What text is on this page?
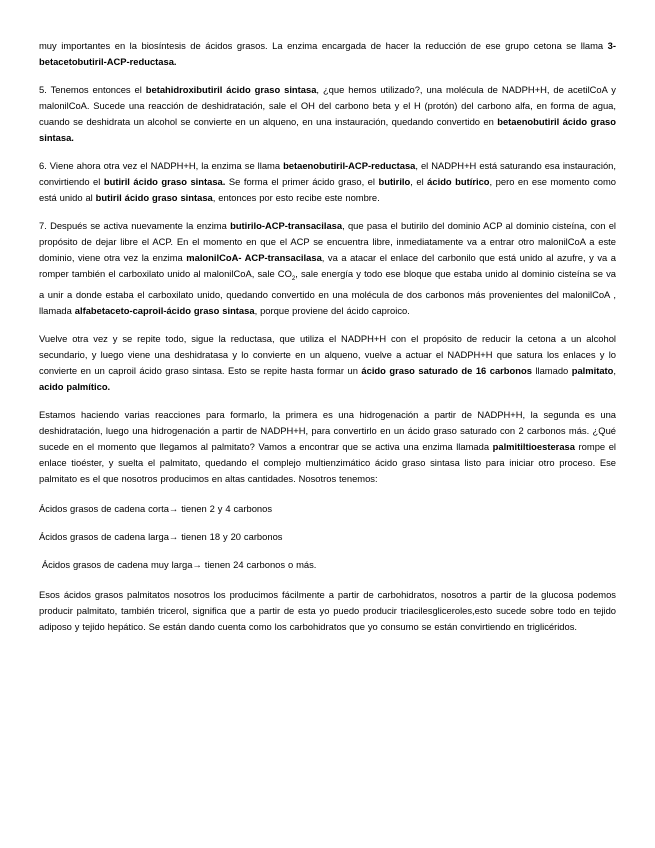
muy importantes en la biosíntesis de ácidos grasos. La enzima encargada de hacer la reducción de ese grupo cetona se llama 3-betacetobutiril-ACP-reductasa.

5. Tenemos entonces el betahidroxibutiril ácido graso sintasa, ¿que hemos utilizado?, una molécula de NADPH+H, de acetilCoA y malonilCoA. Sucede una reacción de deshidratación, sale el OH del carbono beta y el H (protón) del carbono alfa, en forma de agua, cuando se deshidrata un alcohol se convierte en un alqueno, en una instauración, quedando convertido en betaenobutiril ácido graso sintasa.

6. Viene ahora otra vez el NADPH+H, la enzima se llama betaenobutiril-ACP-reductasa, el NADPH+H está saturando esa instauración, convirtiendo el butiril ácido graso sintasa. Se forma el primer ácido graso, el butirilo, el ácido butírico, pero en ese momento como está unido al butiril ácido graso sintasa, entonces por esto recibe este nombre.

7. Después se activa nuevamente la enzima butirilo-ACP-transacilasa, que pasa el butirilo del dominio ACP al dominio cisteína, con el propósito de dejar libre el ACP. En el momento en que el ACP se encuentra libre, inmediatamente va a entrar otro malonilCoA a este dominio, viene otra vez la enzima malonilCoA- ACP-transacilasa, va a atacar el enlace del carbonilo que está unido al azufre, y va a romper también el carboxilato unido al malonilCoA, sale $CO_2$, sale energía y todo ese bloque que estaba unido al dominio cisteína se va a unir a donde estaba el carboxilato unido, quedando convertido en una molécula de dos carbonos más provenientes del malonilCoA , llamada alfabetaceto-caproil-ácido graso sintasa, porque proviene del ácido caproico.

Vuelve otra vez y se repite todo, sigue la reductasa, que utiliza el NADPH+H con el propósito de reducir la cetona a un alcohol secundario, y luego viene una deshidratasa y lo convierte en un alqueno, vuelve a actuar el NADPH+H que satura los enlaces y lo convierte en un caproil ácido graso sintasa. Esto se repite hasta formar un ácido graso saturado de 16 carbonos llamado palmitato, acido palmítico.

Estamos haciendo varias reacciones para formarlo, la primera es una hidrogenación a partir de NADPH+H, la segunda es una deshidratación, luego una hidrogenación a partir de NADPH+H, para convertirlo en un ácido graso saturado con 2 carbonos más. ¿Qué sucede en el momento que llegamos al palmitato? Vamos a encontrar que se activa una enzima llamada palmitiltioesterasa rompe el enlace tioéster, y suelta el palmitato, quedando el complejo multienzimático ácido graso sintasa listo para iniciar otro proceso. Ese palmitato es el que nosotros producimos en altas cantidades. Nosotros tenemos:

Ácidos grasos de cadena corta→ tienen 2 y 4 carbonos

Ácidos grasos de cadena larga→ tienen 18 y 20 carbonos

Ácidos grasos de cadena muy larga→ tienen 24 carbonos o más.

Esos ácidos grasos palmitatos nosotros los producimos fácilmente a partir de carbohidratos, nosotros a partir de la glucosa podemos producir palmitato, también tricerol, significa que a partir de esta yo puedo producir triacilesgliceroles,esto sucede sobre todo en tejido adiposo y tejido hepático. Se están dando cuenta como los carbohidratos que yo consumo se están convirtiendo en triglicéridos.
